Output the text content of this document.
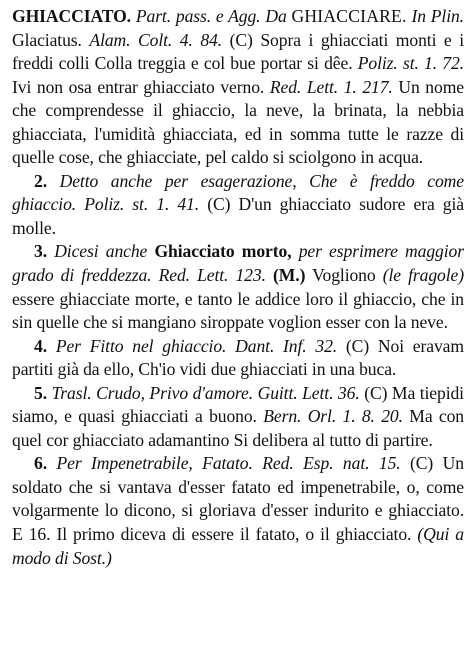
GHIACCIATO. Part. pass. e Agg. Da GHIACCIARE. In Plin. Glaciatus. Alam. Colt. 4. 84. (C) Sopra i ghiacciati monti e i freddi colli Colla treggia e col bue portar si dêe. Poliz. st. 1. 72. Ivi non osa entrar ghiacciato verno. Red. Lett. 1. 217. Un nome che comprendesse il ghiaccio, la neve, la brinata, la nebbia ghiacciata, l'umidità ghiacciata, ed in somma tutte le razze di quelle cose, che ghiacciate, pel caldo si sciolgono in acqua.

2. Detto anche per esagerazione, Che è freddo come ghiaccio. Poliz. st. 1. 41. (C) D'un ghiacciato sudore era già molle.

3. Dicesi anche Ghiacciato morto, per esprimere maggior grado di freddezza. Red. Lett. 123. (M.) Vogliono (le fragole) essere ghiacciate morte, e tanto le addice loro il ghiaccio, che in sin quelle che si mangiano siroppate voglion esser con la neve.

4. Per Fitto nel ghiaccio. Dant. Inf. 32. (C) Noi eravam partiti già da ello, Ch'io vidi due ghiacciati in una buca.

5. Trasl. Crudo, Privo d'amore. Guitt. Lett. 36. (C) Ma tiepidi siamo, e quasi ghiacciati a buono. Bern. Orl. 1. 8. 20. Ma con quel cor ghiacciato adamantino Si delibera al tutto di partire.

6. Per Impenetrabile, Fatato. Red. Esp. nat. 15. (C) Un soldato che si vantava d'esser fatato ed impenetrabile, o, come volgarmente lo dicono, si gloriava d'esser indurito e ghiacciato. E 16. Il primo diceva di essere il fatato, o il ghiacciato. (Qui a modo di Sost.)
